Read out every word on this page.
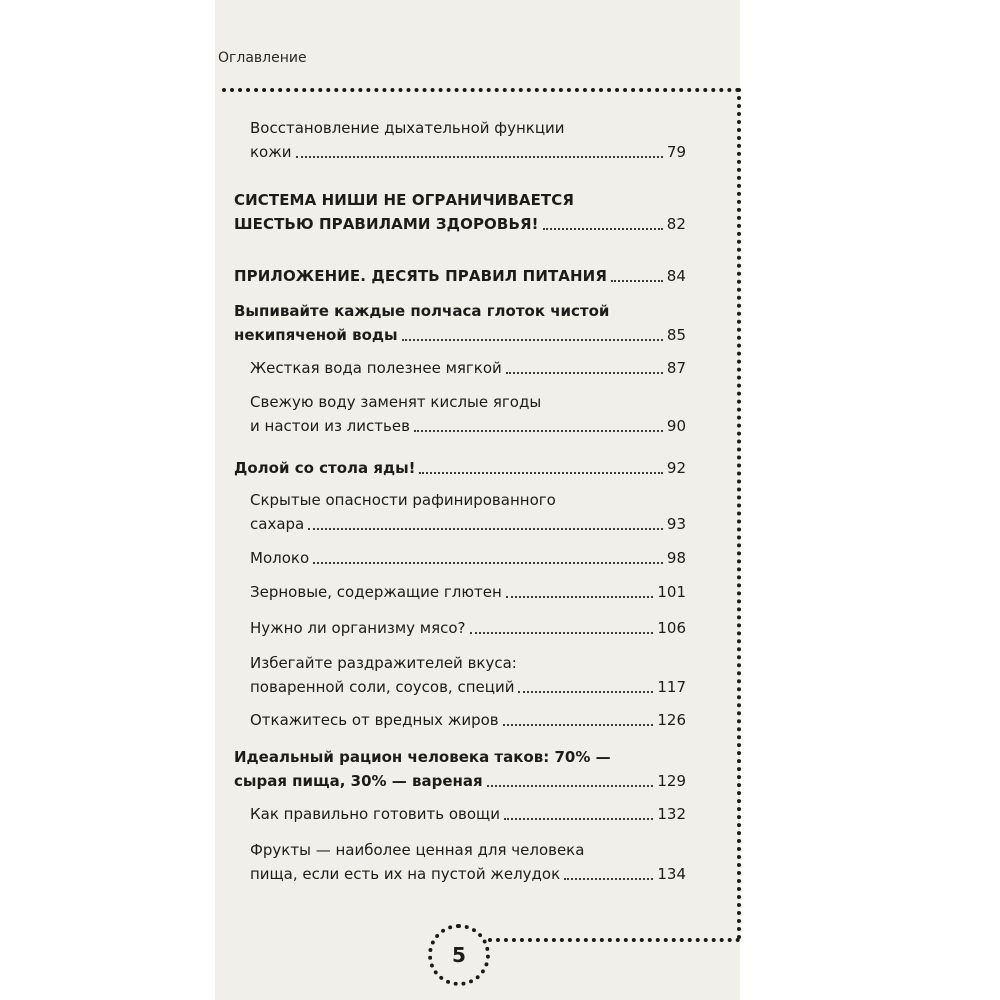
Оглавление
5
Восстановление дыхательной функции
кожи	79
СИСТЕМА НИШИ НЕ ОГРАНИЧИВАЕТСЯ
ШЕСТЬЮ ПРАВИЛАМИ ЗДОРОВЬЯ!	82
ПРИЛОЖЕНИЕ. ДЕСЯТЬ ПРАВИЛ ПИТАНИЯ	84
Выпивайте каждые полчаса глоток чистой
некипяченой воды	85
Жесткая вода полезнее мягкой	87
Свежую воду заменят кислые ягоды
и настои из листьев	90
Долой со стола яды!	92
Скрытые опасности рафинированного
сахара	93
Молоко	98
Зерновые, содержащие глютен	101
Нужно ли организму мясо?	106
Избегайте раздражителей вкуса:
поваренной соли, соусов, специй	117
Откажитесь от вредных жиров	126
Идеальный рацион человека таков: 70% —
сырая пища, 30% — вареная	129
Как правильно готовить овощи	132
Фрукты — наиболее ценная для человека
пища, если есть их на пустой желудок	134
